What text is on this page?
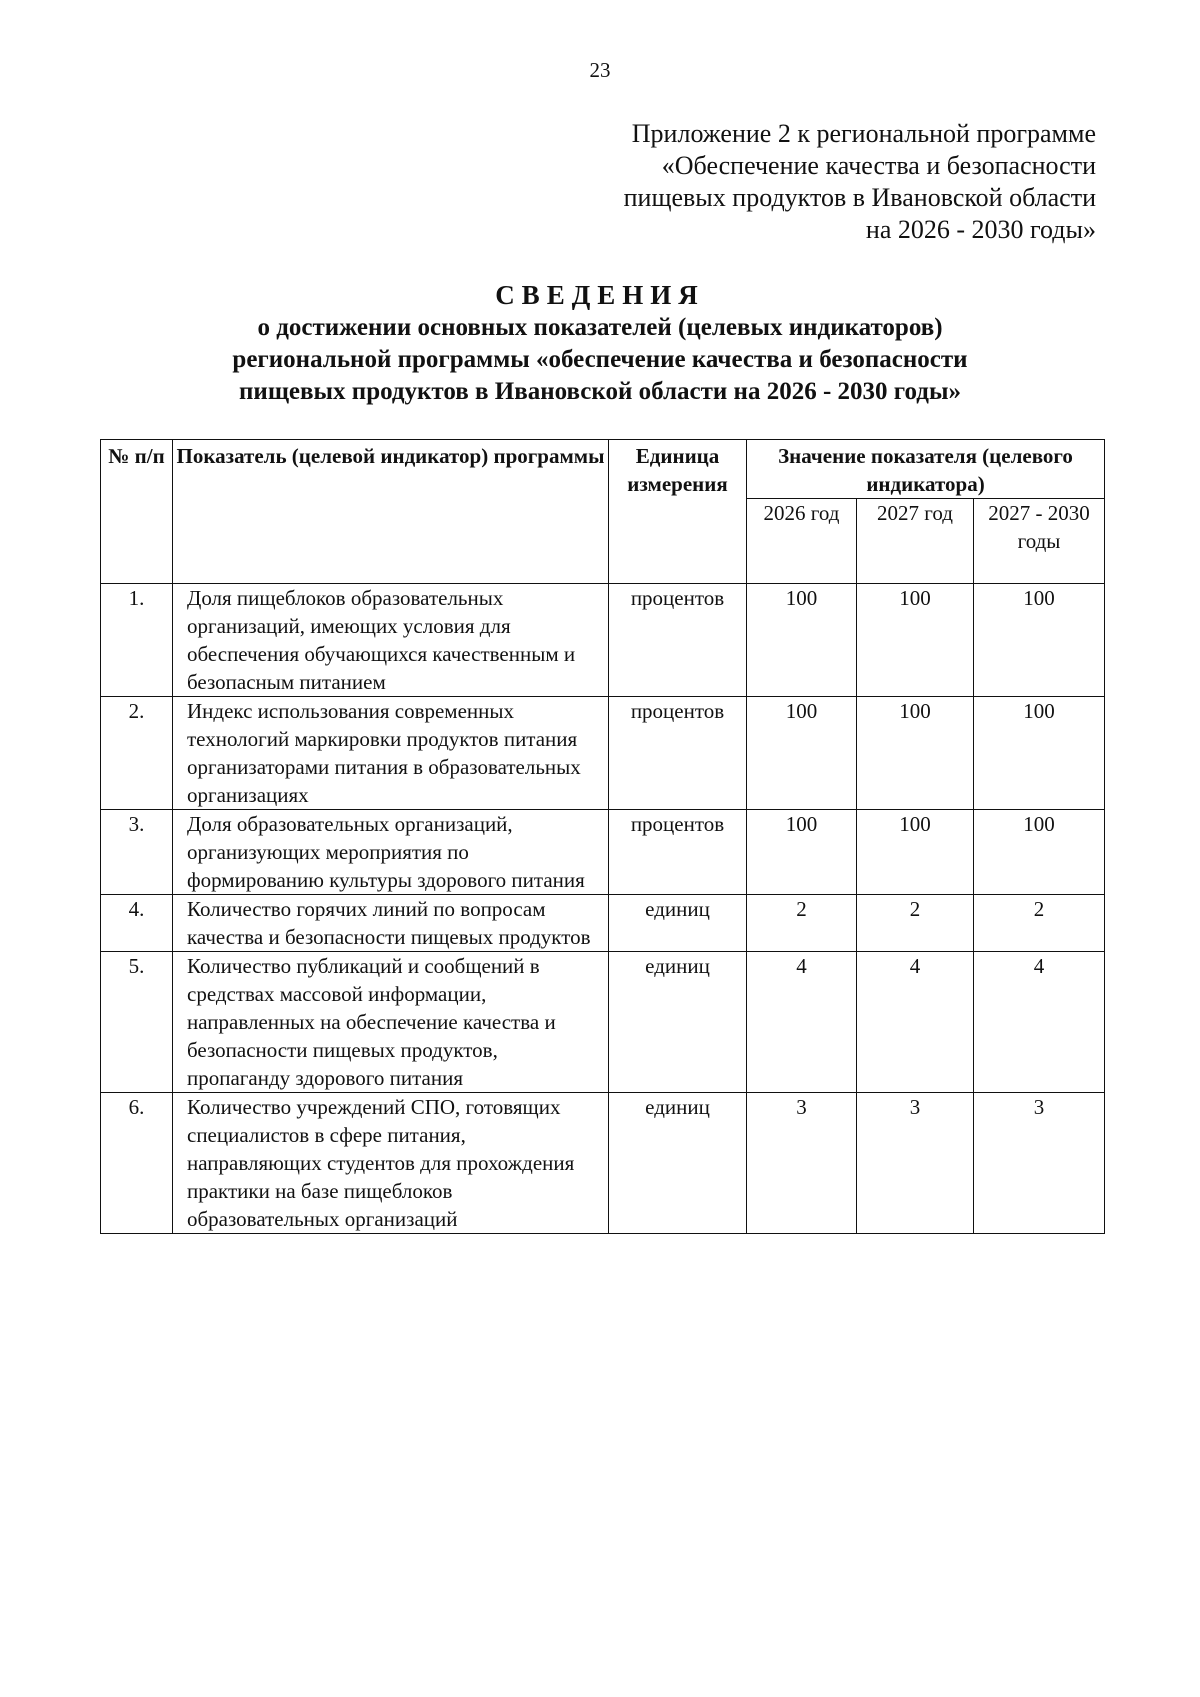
23
Приложение 2 к региональной программе
«Обеспечение качества и безопасности
пищевых продуктов в Ивановской области
на 2026 - 2030 годы»
СВЕДЕНИЯ
о достижении основных показателей (целевых индикаторов)
региональной программы «обеспечение качества и безопасности
пищевых продуктов в Ивановской области на 2026 - 2030 годы»
№ п/п	Показатель (целевой индикатор) программы	Единица измерения	Значение показателя (целевого индикатора)		
			2026 год	2027 год	2027 - 2030 годы
1.	Доля пищеблоков образовательных организаций, имеющих условия для обеспечения обучающихся качественным и безопасным питанием	процентов	100	100	100
2.	Индекс использования современных технологий маркировки продуктов питания организаторами питания в образовательных организациях	процентов	100	100	100
3.	Доля образовательных организаций, организующих мероприятия по формированию культуры здорового питания	процентов	100	100	100
4.	Количество горячих линий по вопросам качества и безопасности пищевых продуктов	единиц	2	2	2
5.	Количество публикаций и сообщений в средствах массовой информации, направленных на обеспечение качества и безопасности пищевых продуктов, пропаганду здорового питания	единиц	4	4	4
6.	Количество учреждений СПО, готовящих специалистов в сфере питания, направляющих студентов для прохождения практики на базе пищеблоков образовательных организаций	единиц	3	3	3
